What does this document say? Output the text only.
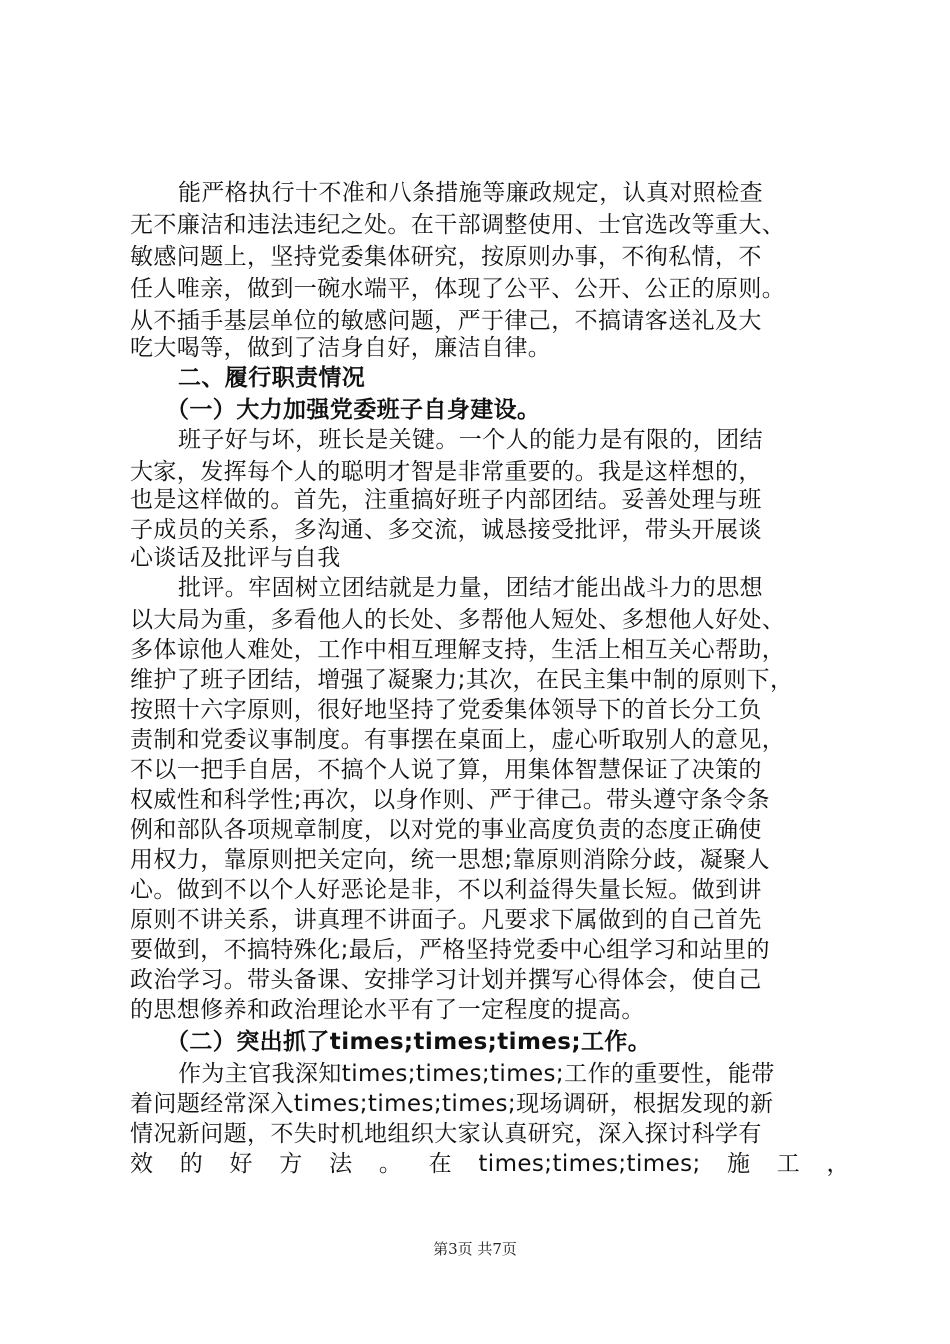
能严格执行十不准和八条措施等廉政规定，认真对照检查
无不廉洁和违法违纪之处。在干部调整使用、士官选改等重大、
敏感问题上，坚持党委集体研究，按原则办事，不徇私情，不
任人唯亲，做到一碗水端平，体现了公平、公开、公正的原则。
从不插手基层单位的敏感问题，严于律己，不搞请客送礼及大
吃大喝等，做到了洁身自好，廉洁自律。
二、履行职责情况
（一）大力加强党委班子自身建设。
班子好与坏，班长是关键。一个人的能力是有限的，团结
大家，发挥每个人的聪明才智是非常重要的。我是这样想的，
也是这样做的。首先，注重搞好班子内部团结。妥善处理与班
子成员的关系，多沟通、多交流，诚恳接受批评，带头开展谈
心谈话及批评与自我
批评。牢固树立团结就是力量，团结才能出战斗力的思想
以大局为重，多看他人的长处、多帮他人短处、多想他人好处、
多体谅他人难处，工作中相互理解支持，生活上相互关心帮助，
维护了班子团结，增强了凝聚力;其次，在民主集中制的原则下，
按照十六字原则，很好地坚持了党委集体领导下的首长分工负
责制和党委议事制度。有事摆在桌面上，虚心听取别人的意见，
不以一把手自居，不搞个人说了算，用集体智慧保证了决策的
权威性和科学性;再次，以身作则、严于律己。带头遵守条令条
例和部队各项规章制度，以对党的事业高度负责的态度正确使
用权力，靠原则把关定向，统一思想;靠原则消除分歧，凝聚人
心。做到不以个人好恶论是非，不以利益得失量长短。做到讲
原则不讲关系，讲真理不讲面子。凡要求下属做到的自己首先
要做到，不搞特殊化;最后，严格坚持党委中心组学习和站里的
政治学习。带头备课、安排学习计划并撰写心得体会，使自己
的思想修养和政治理论水平有了一定程度的提高。
（二）突出抓了times;times;times;工作。
作为主官我深知times;times;times;工作的重要性，能带
着问题经常深入times;times;times;现场调研，根据发现的新
情况新问题，不失时机地组织大家认真研究，深入探讨科学有
效 的 好 方 法 。 在 times;times;times; 施 工 ，
第3页 共7页
